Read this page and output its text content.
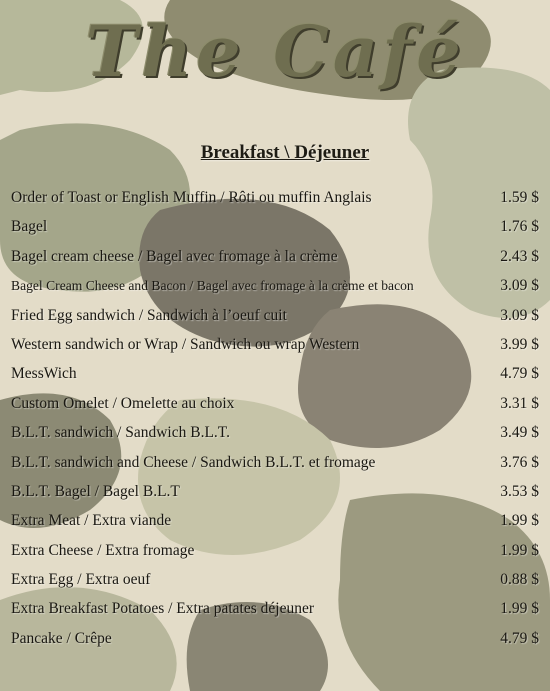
The Café
Breakfast \ Déjeuner
Order of Toast or English Muffin / Rôti ou muffin Anglais	1.59 $
Bagel	1.76 $
Bagel cream cheese / Bagel avec fromage à la crème	2.43 $
Bagel Cream Cheese and Bacon / Bagel avec fromage à la crème et bacon	3.09 $
Fried Egg sandwich / Sandwich à l’oeuf cuit	3.09 $
Western sandwich or Wrap / Sandwich ou wrap Western	3.99 $
MessWich	4.79 $
Custom Omelet / Omelette au choix	3.31 $
B.L.T. sandwich / Sandwich B.L.T.	3.49 $
B.L.T. sandwich and Cheese / Sandwich B.L.T. et fromage	3.76 $
B.L.T. Bagel / Bagel B.L.T	3.53 $
Extra Meat / Extra viande	1.99 $
Extra Cheese / Extra fromage	1.99 $
Extra Egg / Extra oeuf	0.88 $
Extra Breakfast Potatoes / Extra patates déjeuner	1.99 $
Pancake / Crêpe	4.79 $
